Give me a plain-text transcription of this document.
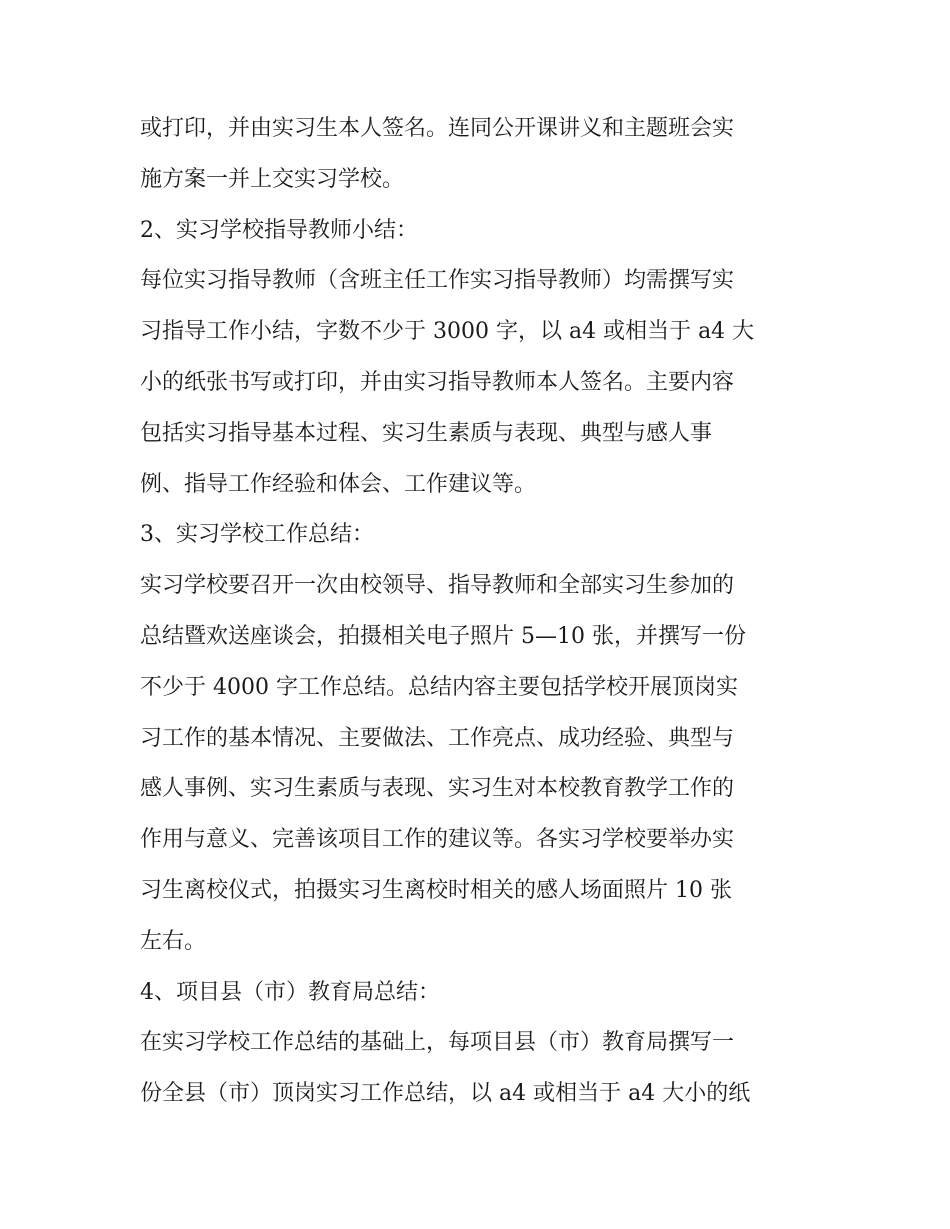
或打印，并由实习生本人签名。连同公开课讲义和主题班会实
施方案一并上交实习学校。
2、实习学校指导教师小结：
每位实习指导教师（含班主任工作实习指导教师）均需撰写实
习指导工作小结，字数不少于 3000 字，以 a4 或相当于 a4 大
小的纸张书写或打印，并由实习指导教师本人签名。主要内容
包括实习指导基本过程、实习生素质与表现、典型与感人事
例、指导工作经验和体会、工作建议等。
3、实习学校工作总结：
实习学校要召开一次由校领导、指导教师和全部实习生参加的
总结暨欢送座谈会，拍摄相关电子照片 5—10 张，并撰写一份
不少于 4000 字工作总结。总结内容主要包括学校开展顶岗实
习工作的基本情况、主要做法、工作亮点、成功经验、典型与
感人事例、实习生素质与表现、实习生对本校教育教学工作的
作用与意义、完善该项目工作的建议等。各实习学校要举办实
习生离校仪式，拍摄实习生离校时相关的感人场面照片 10 张
左右。
4、项目县（市）教育局总结：
在实习学校工作总结的基础上，每项目县（市）教育局撰写一
份全县（市）顶岗实习工作总结，以 a4 或相当于 a4 大小的纸
